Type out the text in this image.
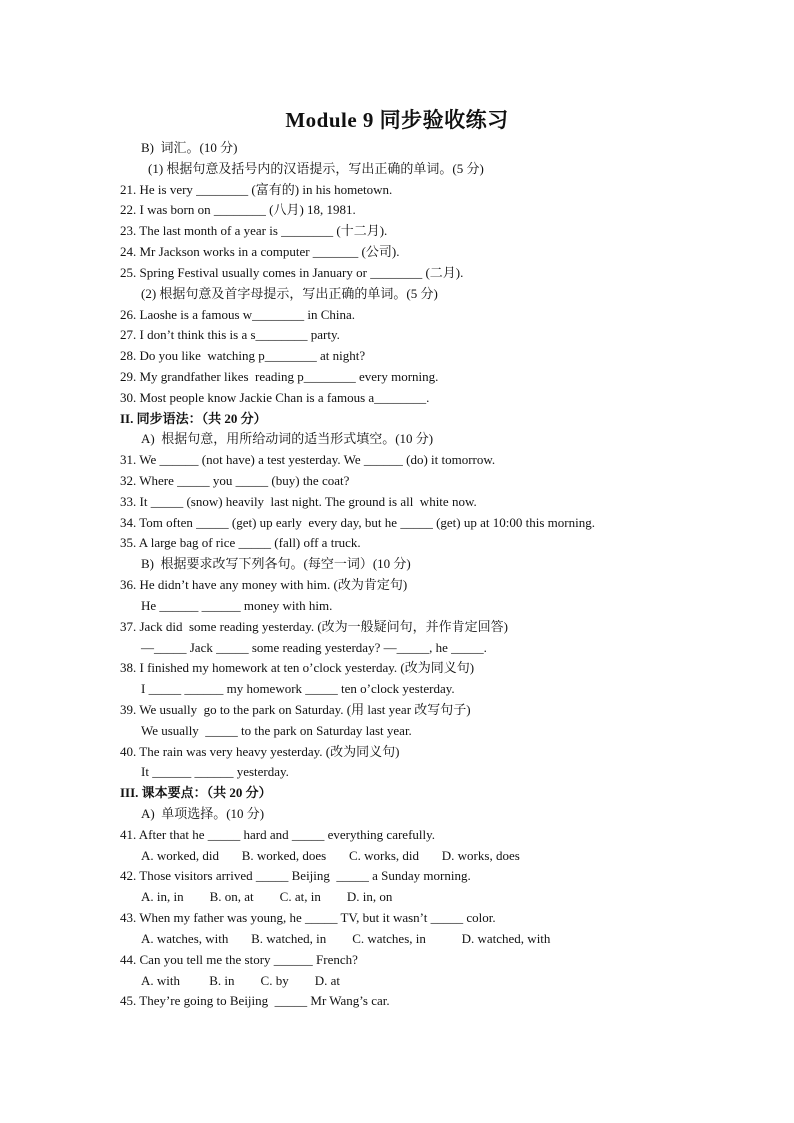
Module 9 同步验收练习
B)  词汇。(10 分)
(1) 根据句意及括号内的汉语提示，写出正确的单词。(5 分)
21. He is very ________ (富有的) in his hometown.
22. I was born on ________ (八月) 18, 1981.
23. The last month of a year is ________ (十二月).
24. Mr Jackson works in a computer _______ (公司).
25. Spring Festival usually comes in January or ________ (二月).
(2) 根据句意及首字母提示，写出正确的单词。(5 分)
26. Laoshe is a famous w________ in China.
27. I don’t think this is a s________ party.
28. Do you like  watching p________ at night?
29. My grandfather likes  reading p________ every morning.
30. Most people know Jackie Chan is a famous a________.
II. 同步语法：（共 20 分）
A)  根据句意，用所给动词的适当形式填空。(10 分)
31. We ______ (not have) a test yesterday. We ______ (do) it tomorrow.
32. Where _____ you _____ (buy) the coat?
33. It _____ (snow) heavily  last night. The ground is all  white now.
34. Tom often _____ (get) up early  every day, but he _____ (get) up at 10:00 this morning.
35. A large bag of rice _____ (fall) off a truck.
B)  根据要求改写下列各句。(每空一词）(10 分)
36. He didn’t have any money with him. (改为肯定句)
He ______ ______ money with him.
37. Jack did  some reading yesterday. (改为一般疑问句，并作肯定回答)
—_____ Jack _____ some reading yesterday? —_____, he _____.
38. I finished my homework at ten o’clock yesterday. (改为同义句)
I _____ ______ my homework _____ ten o’clock yesterday.
39. We usually  go to the park on Saturday. (用 last year 改写句子)
We usually  _____ to the park on Saturday last year.
40. The rain was very heavy yesterday. (改为同义句)
It ______ ______ yesterday.
III. 课本要点：（共 20 分）
A)  单项选择。(10 分)
41. After that he _____ hard and _____ everything carefully.
A. worked, did       B. worked, does       C. works, did       D. works, does
42. Those visitors arrived _____ Beijing  _____ a Sunday morning.
A. in, in        B. on, at        C. at, in        D. in, on
43. When my father was young, he _____ TV, but it wasn’t _____ color.
A. watches, with       B. watched, in        C. watches, in           D. watched, with
44. Can you tell me the story ______ French?
A. with         B. in        C. by        D. at
45. They’re going to Beijing  _____ Mr Wang’s car.
